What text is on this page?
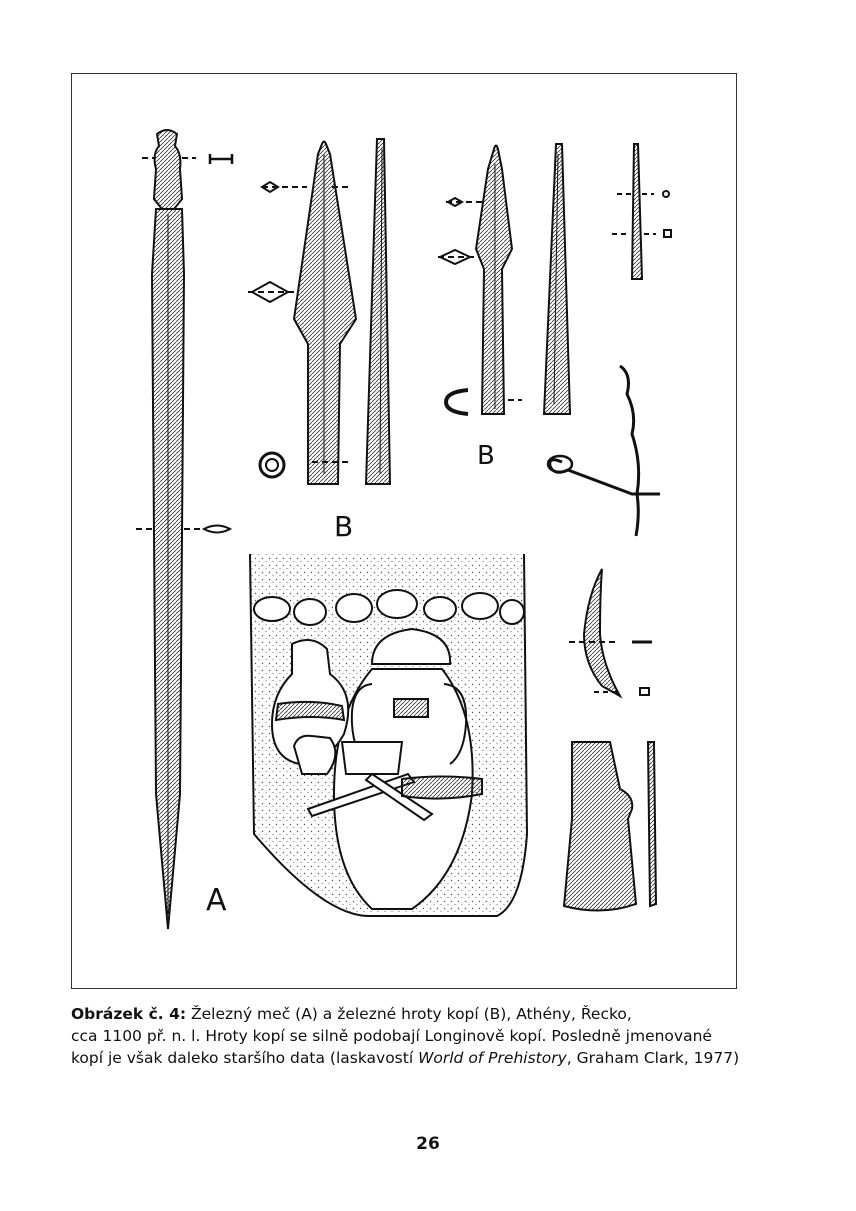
A
B
B
C
Obrázek č. 4: Železný meč (A) a železné hroty kopí (B), Athény, Řecko,
cca 1100 př. n. l. Hroty kopí se silně podobají Longinově kopí. Posledně jmenované
kopí je však daleko staršího data (laskavostí World of Prehistory, Graham Clark, 1977)
26
